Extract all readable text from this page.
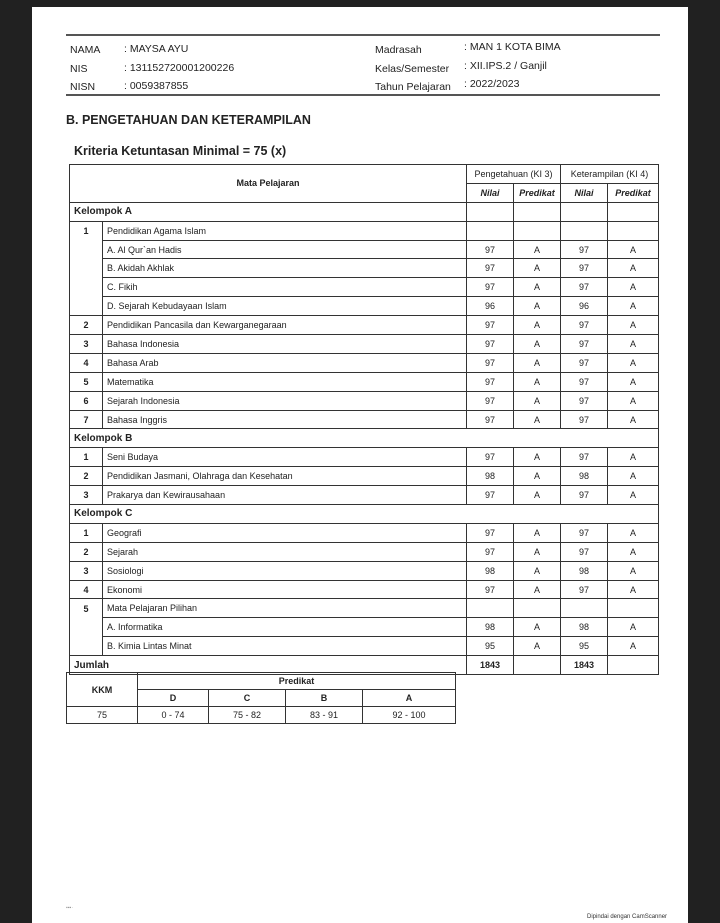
NAMA : MAYSA AYU
NIS	: 131152720001200226
NISN	: 0059387855
Madrasah	: MAN 1 KOTA BIMA
Kelas/Semester : XII.IPS.2 / Ganjil
Tahun Pelajaran : 2022/2023
B. PENGETAHUAN DAN KETERAMPILAN
Kriteria Ketuntasan Minimal = 75 (x)
Mata Pelajaran		Pengetahuan (KI 3)		Keterampilan (KI 4)	
		Nilai	Predikat	Nilai	Predikat
Kelompok A					
1	Pendidikan Agama Islam				
	A. Al Qur`an Hadis	97	A	97	A
	B. Akidah Akhlak	97	A	97	A
	C. Fikih	97	A	97	A
	D. Sejarah Kebudayaan Islam	96	A	96	A
2	Pendidikan Pancasila dan Kewarganegaraan	97	A	97	A
3	Bahasa Indonesia	97	A	97	A
4	Bahasa Arab	97	A	97	A
5	Matematika	97	A	97	A
6	Sejarah Indonesia	97	A	97	A
7	Bahasa Inggris	97	A	97	A
Kelompok B					
1	Seni Budaya	97	A	97	A
2	Pendidikan Jasmani, Olahraga dan Kesehatan	98	A	98	A
3	Prakarya dan Kewirausahaan	97	A	97	A
Kelompok C					
1	Geografi	97	A	97	A
2	Sejarah	97	A	97	A
3	Sosiologi	98	A	98	A
4	Ekonomi	97	A	97	A
5	Mata Pelajaran Pilihan				
	A. Informatika	98	A	98	A
	B. Kimia Lintas Minat	95	A	95	A
Jumlah		1843		1843	
KKM	Predikat			
	D	C	B	A
75	0 - 74	75 - 82	83 - 91	92 - 100
▪▪▪·
Dipindai dengan CamScanner
